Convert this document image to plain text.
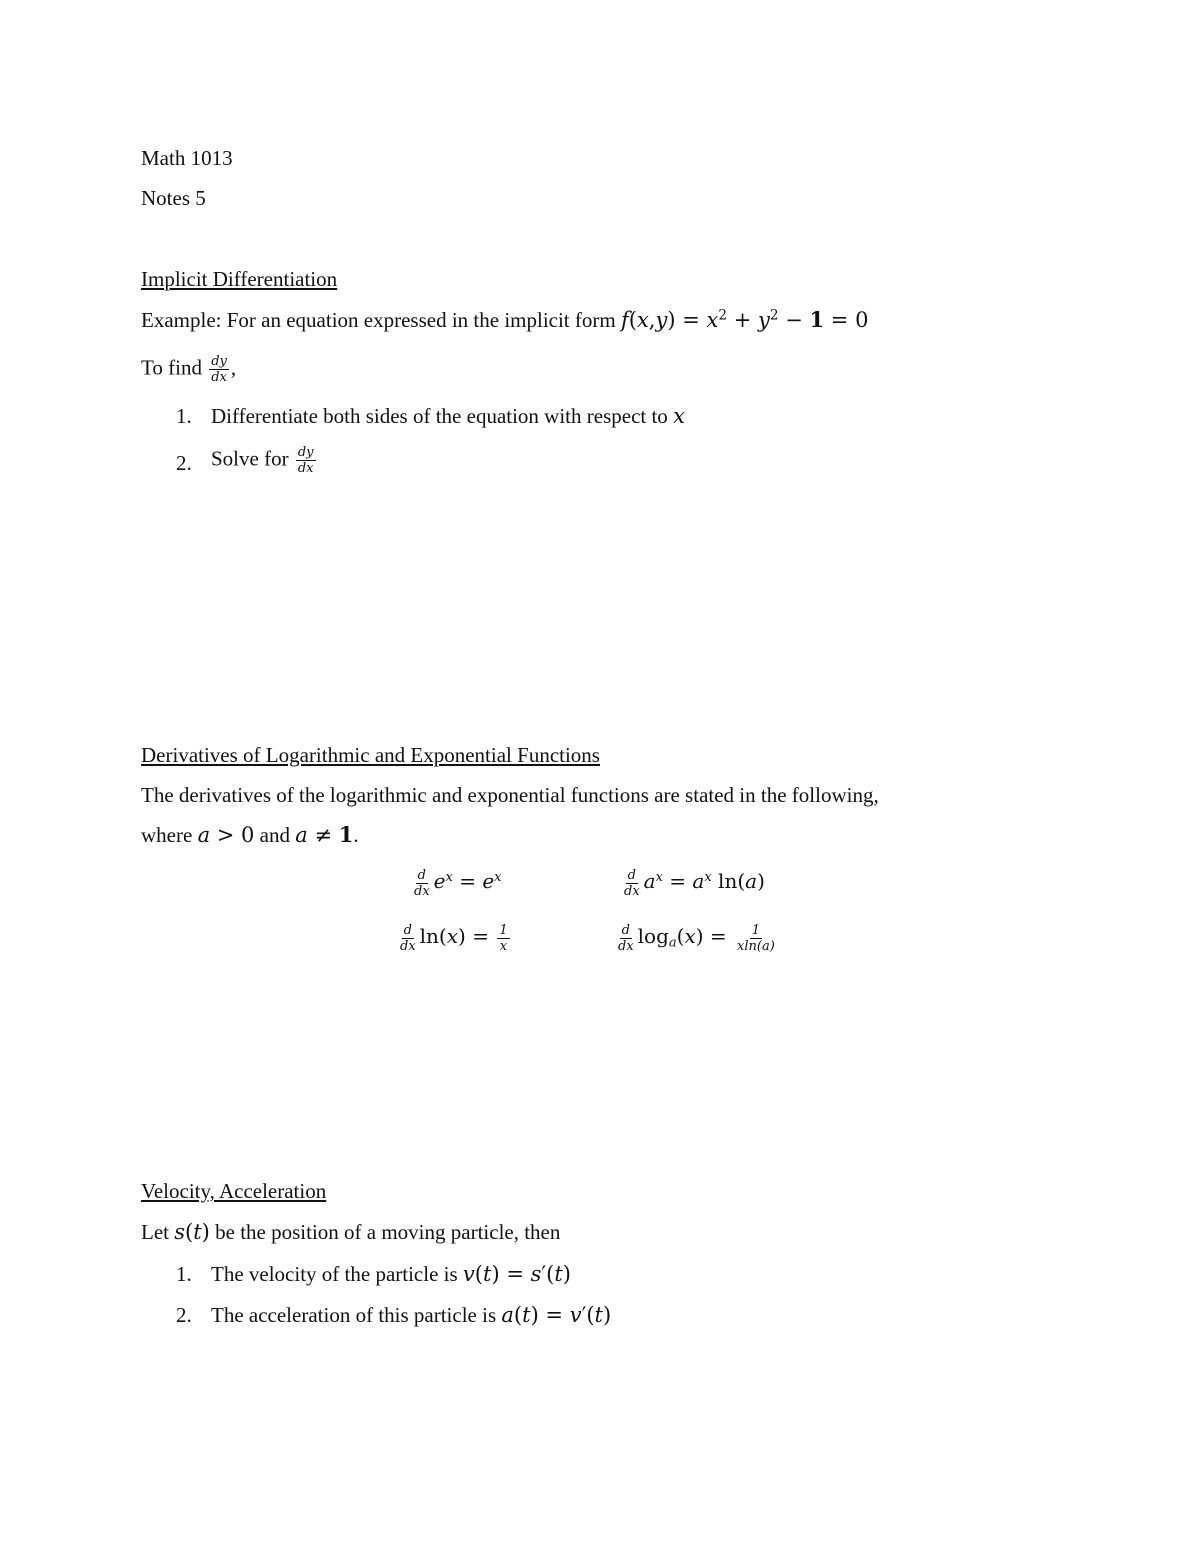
Math 1013
Notes 5
Implicit Differentiation
Example: For an equation expressed in the implicit form $f(x,y) = x^2 + y^2 - 1 = 0$
To find $\frac{dy}{dx}$ ,
1. Differentiate both sides of the equation with respect to x
2. Solve for $\frac{dy}{dx}$
Derivatives of Logarithmic and Exponential Functions
The derivatives of the logarithmic and exponential functions are stated in the following,
where a > 0 and a ≠ 1.
$\frac{d}{dx} e^x = e^x$	$\frac{d}{dx} a^x = a^x$ ln(a)
$\frac{d}{dx} \ln(x) = \frac{1}{x}$	$\frac{d}{dx} \log_a(x) = \frac{1}{xln(a)}$
Velocity, Acceleration
Let s(t) be the position of a moving particle, then
1. The velocity of the particle is v(t) = s′(t)
2. The acceleration of this particle is a(t) = v′(t)
